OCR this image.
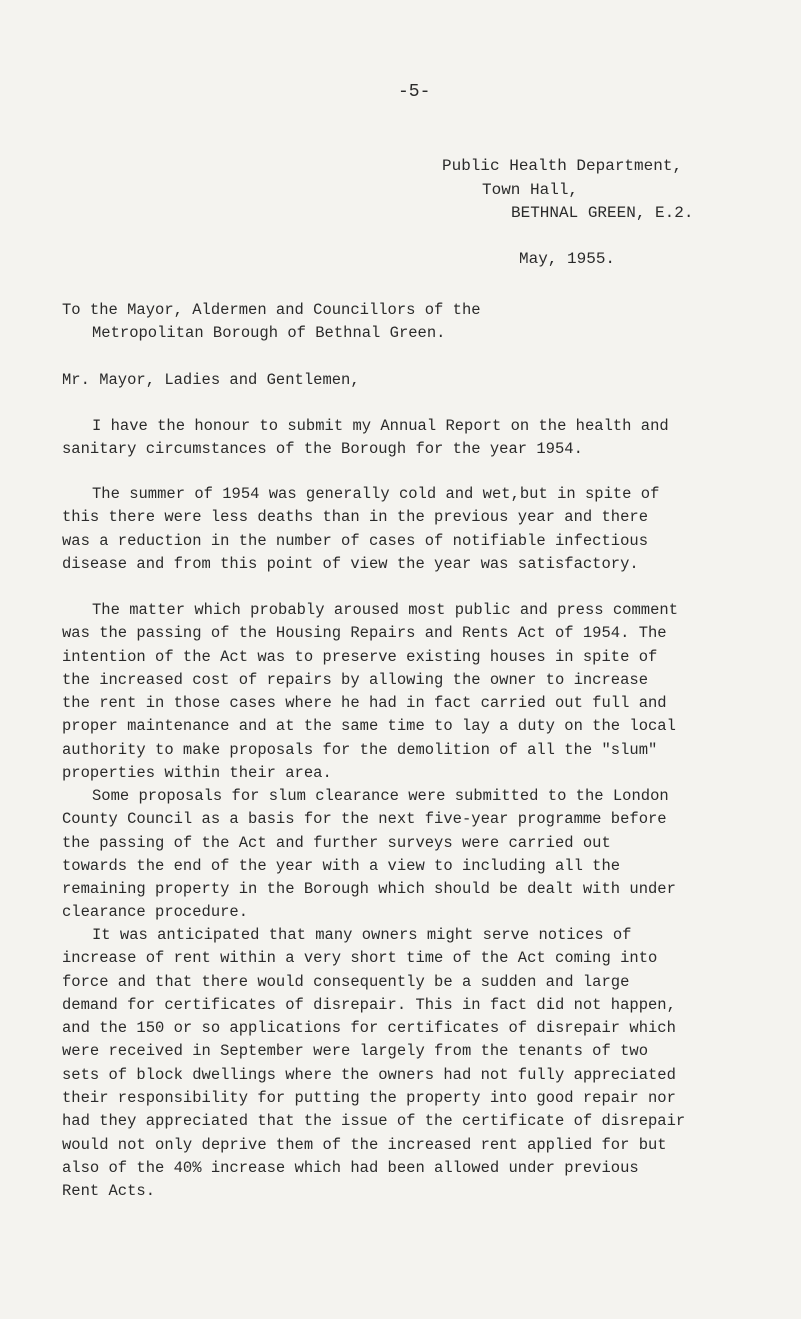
-5-
Public Health Department,
Town Hall,
BETHNAL GREEN, E.2.
May, 1955.
To the Mayor, Aldermen and Councillors of the
Metropolitan Borough of Bethnal Green.
Mr. Mayor, Ladies and Gentlemen,
I have the honour to submit my Annual Report on the health and
sanitary circumstances of the Borough for the year 1954.
The summer of 1954 was generally cold and wet,but in spite of
this there were less deaths than in the previous year and there
was a reduction in the number of cases of notifiable infectious
disease and from this point of view the year was satisfactory.
The matter which probably aroused most public and press comment
was the passing of the Housing Repairs and Rents Act of 1954. The
intention of the Act was to preserve existing houses in spite of
the increased cost of repairs by allowing the owner to increase
the rent in those cases where he had in fact carried out full and
proper maintenance and at the same time to lay a duty on the local
authority to make proposals for the demolition of all the "slum"
properties within their area.
Some proposals for slum clearance were submitted to the London
County Council as a basis for the next five-year programme before
the passing of the Act and further surveys were carried out
towards the end of the year with a view to including all the
remaining property in the Borough which should be dealt with under
clearance procedure.
It was anticipated that many owners might serve notices of
increase of rent within a very short time of the Act coming into
force and that there would consequently be a sudden and large
demand for certificates of disrepair. This in fact did not happen,
and the 150 or so applications for certificates of disrepair which
were received in September were largely from the tenants of two
sets of block dwellings where the owners had not fully appreciated
their responsibility for putting the property into good repair nor
had they appreciated that the issue of the certificate of disrepair
would not only deprive them of the increased rent applied for but
also of the 40% increase which had been allowed under previous
Rent Acts.
